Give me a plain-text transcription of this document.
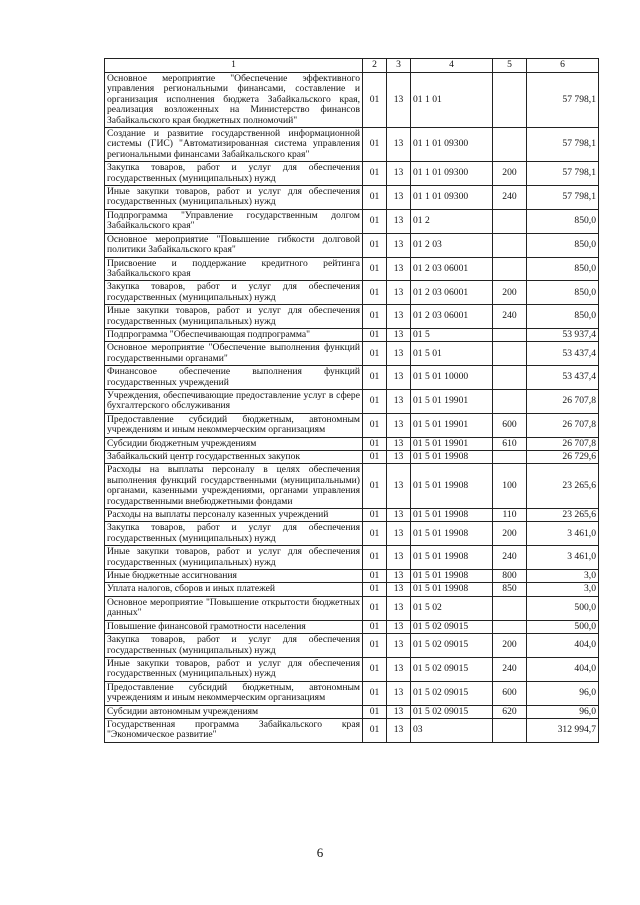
1	2	3	4	5	6
Основное мероприятие "Обеспечение эффективного управления региональными финансами, составление и организация исполнения бюджета Забайкальского края, реализация возложенных на Министерство финансов Забайкальского края бюджетных полномочий"	01	13	01 1 01		57 798,1
Создание и развитие государственной информационной системы (ГИС) "Автоматизированная система управления региональными финансами Забайкальского края"	01	13	01 1 01 09300		57 798,1
Закупка товаров, работ и услуг для обеспечения государственных (муниципальных) нужд	01	13	01 1 01 09300	200	57 798,1
Иные закупки товаров, работ и услуг для обеспечения государственных (муниципальных) нужд	01	13	01 1 01 09300	240	57 798,1
Подпрограмма "Управление государственным долгом Забайкальского края"	01	13	01 2		850,0
Основное мероприятие "Повышение гибкости долговой политики Забайкальского края"	01	13	01 2 03		850,0
Присвоение и поддержание кредитного рейтинга Забайкальского края	01	13	01 2 03 06001		850,0
Закупка товаров, работ и услуг для обеспечения государственных (муниципальных) нужд	01	13	01 2 03 06001	200	850,0
Иные закупки товаров, работ и услуг для обеспечения государственных (муниципальных) нужд	01	13	01 2 03 06001	240	850,0
Подпрограмма "Обеспечивающая подпрограмма"	01	13	01 5		53 937,4
Основное мероприятие "Обеспечение выполнения функций государственными органами"	01	13	01 5 01		53 437,4
Финансовое обеспечение выполнения функций государственных учреждений	01	13	01 5 01 10000		53 437,4
Учреждения, обеспечивающие предоставление услуг в сфере бухгалтерского обслуживания	01	13	01 5 01 19901		26 707,8
Предоставление субсидий бюджетным, автономным учреждениям и иным некоммерческим организациям	01	13	01 5 01 19901	600	26 707,8
Субсидии бюджетным учреждениям	01	13	01 5 01 19901	610	26 707,8
Забайкальский центр государственных закупок	01	13	01 5 01 19908		26 729,6
Расходы на выплаты персоналу в целях обеспечения выполнения функций государственными (муниципальными) органами, казенными учреждениями, органами управления государственными внебюджетными фондами	01	13	01 5 01 19908	100	23 265,6
Расходы на выплаты персоналу казенных учреждений	01	13	01 5 01 19908	110	23 265,6
Закупка товаров, работ и услуг для обеспечения государственных (муниципальных) нужд	01	13	01 5 01 19908	200	3 461,0
Иные закупки товаров, работ и услуг для обеспечения государственных (муниципальных) нужд	01	13	01 5 01 19908	240	3 461,0
Иные бюджетные ассигнования	01	13	01 5 01 19908	800	3,0
Уплата налогов, сборов и иных платежей	01	13	01 5 01 19908	850	3,0
Основное мероприятие "Повышение открытости бюджетных данных"	01	13	01 5 02		500,0
Повышение финансовой грамотности населения	01	13	01 5 02 09015		500,0
Закупка товаров, работ и услуг для обеспечения государственных (муниципальных) нужд	01	13	01 5 02 09015	200	404,0
Иные закупки товаров, работ и услуг для обеспечения государственных (муниципальных) нужд	01	13	01 5 02 09015	240	404,0
Предоставление субсидий бюджетным, автономным учреждениям и иным некоммерческим организациям	01	13	01 5 02 09015	600	96,0
Субсидии автономным учреждениям	01	13	01 5 02 09015	620	96,0
Государственная программа Забайкальского края "Экономическое развитие"	01	13	03		312 994,7
6
